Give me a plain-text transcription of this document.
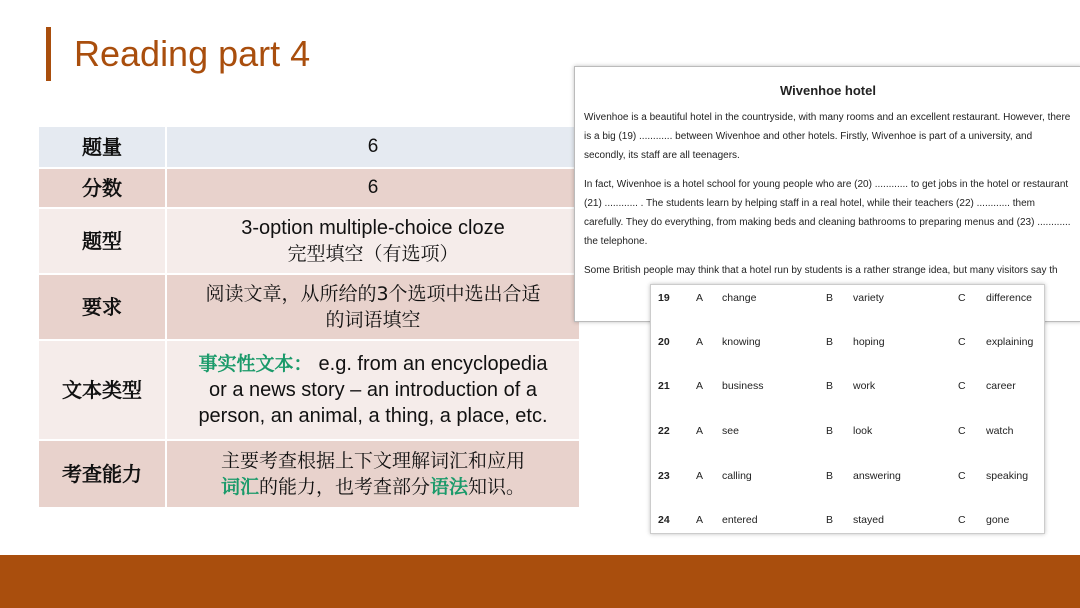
Reading part 4
题量	6
分数	6
题型	3-option multiple-choice cloze
完型填空（有选项）

要求	阅读文章，从所给的3个选项中选出合适
的词语填空

文本类型	事实性文本： e.g. from an encyclopedia
or a news story – an introduction of a
person, an animal, a thing, a place, etc.

考查能力	主要考查根据上下文理解词汇和应用
词汇的能力，也考查部分语法知识。
Wivenhoe hotel

Wivenhoe is a beautiful hotel in the countryside, with many rooms and an excellent restaurant. However, there is a big (19) ............ between Wivenhoe and other hotels. Firstly, Wivenhoe is part of a university, and secondly, its staff are all teenagers.

In fact, Wivenhoe is a hotel school for young people who are (20) ............ to get jobs in the hotel or restaurant (21) ............ . The students learn by helping staff in a real hotel, while their teachers (22) ............ them carefully. They do everything, from making beds and cleaning bathrooms to preparing menus and (23) ............ the telephone.

Some British people may think that a hotel run by students is a rather strange idea, but many visitors say th

19	A change	B variety	C difference
20	A knowing	B hoping	C explaining
21	A business	B work	C career
22	A see	B look	C watch
23	A calling	B answering	C speaking
24	A entered	B stayed	C gone
